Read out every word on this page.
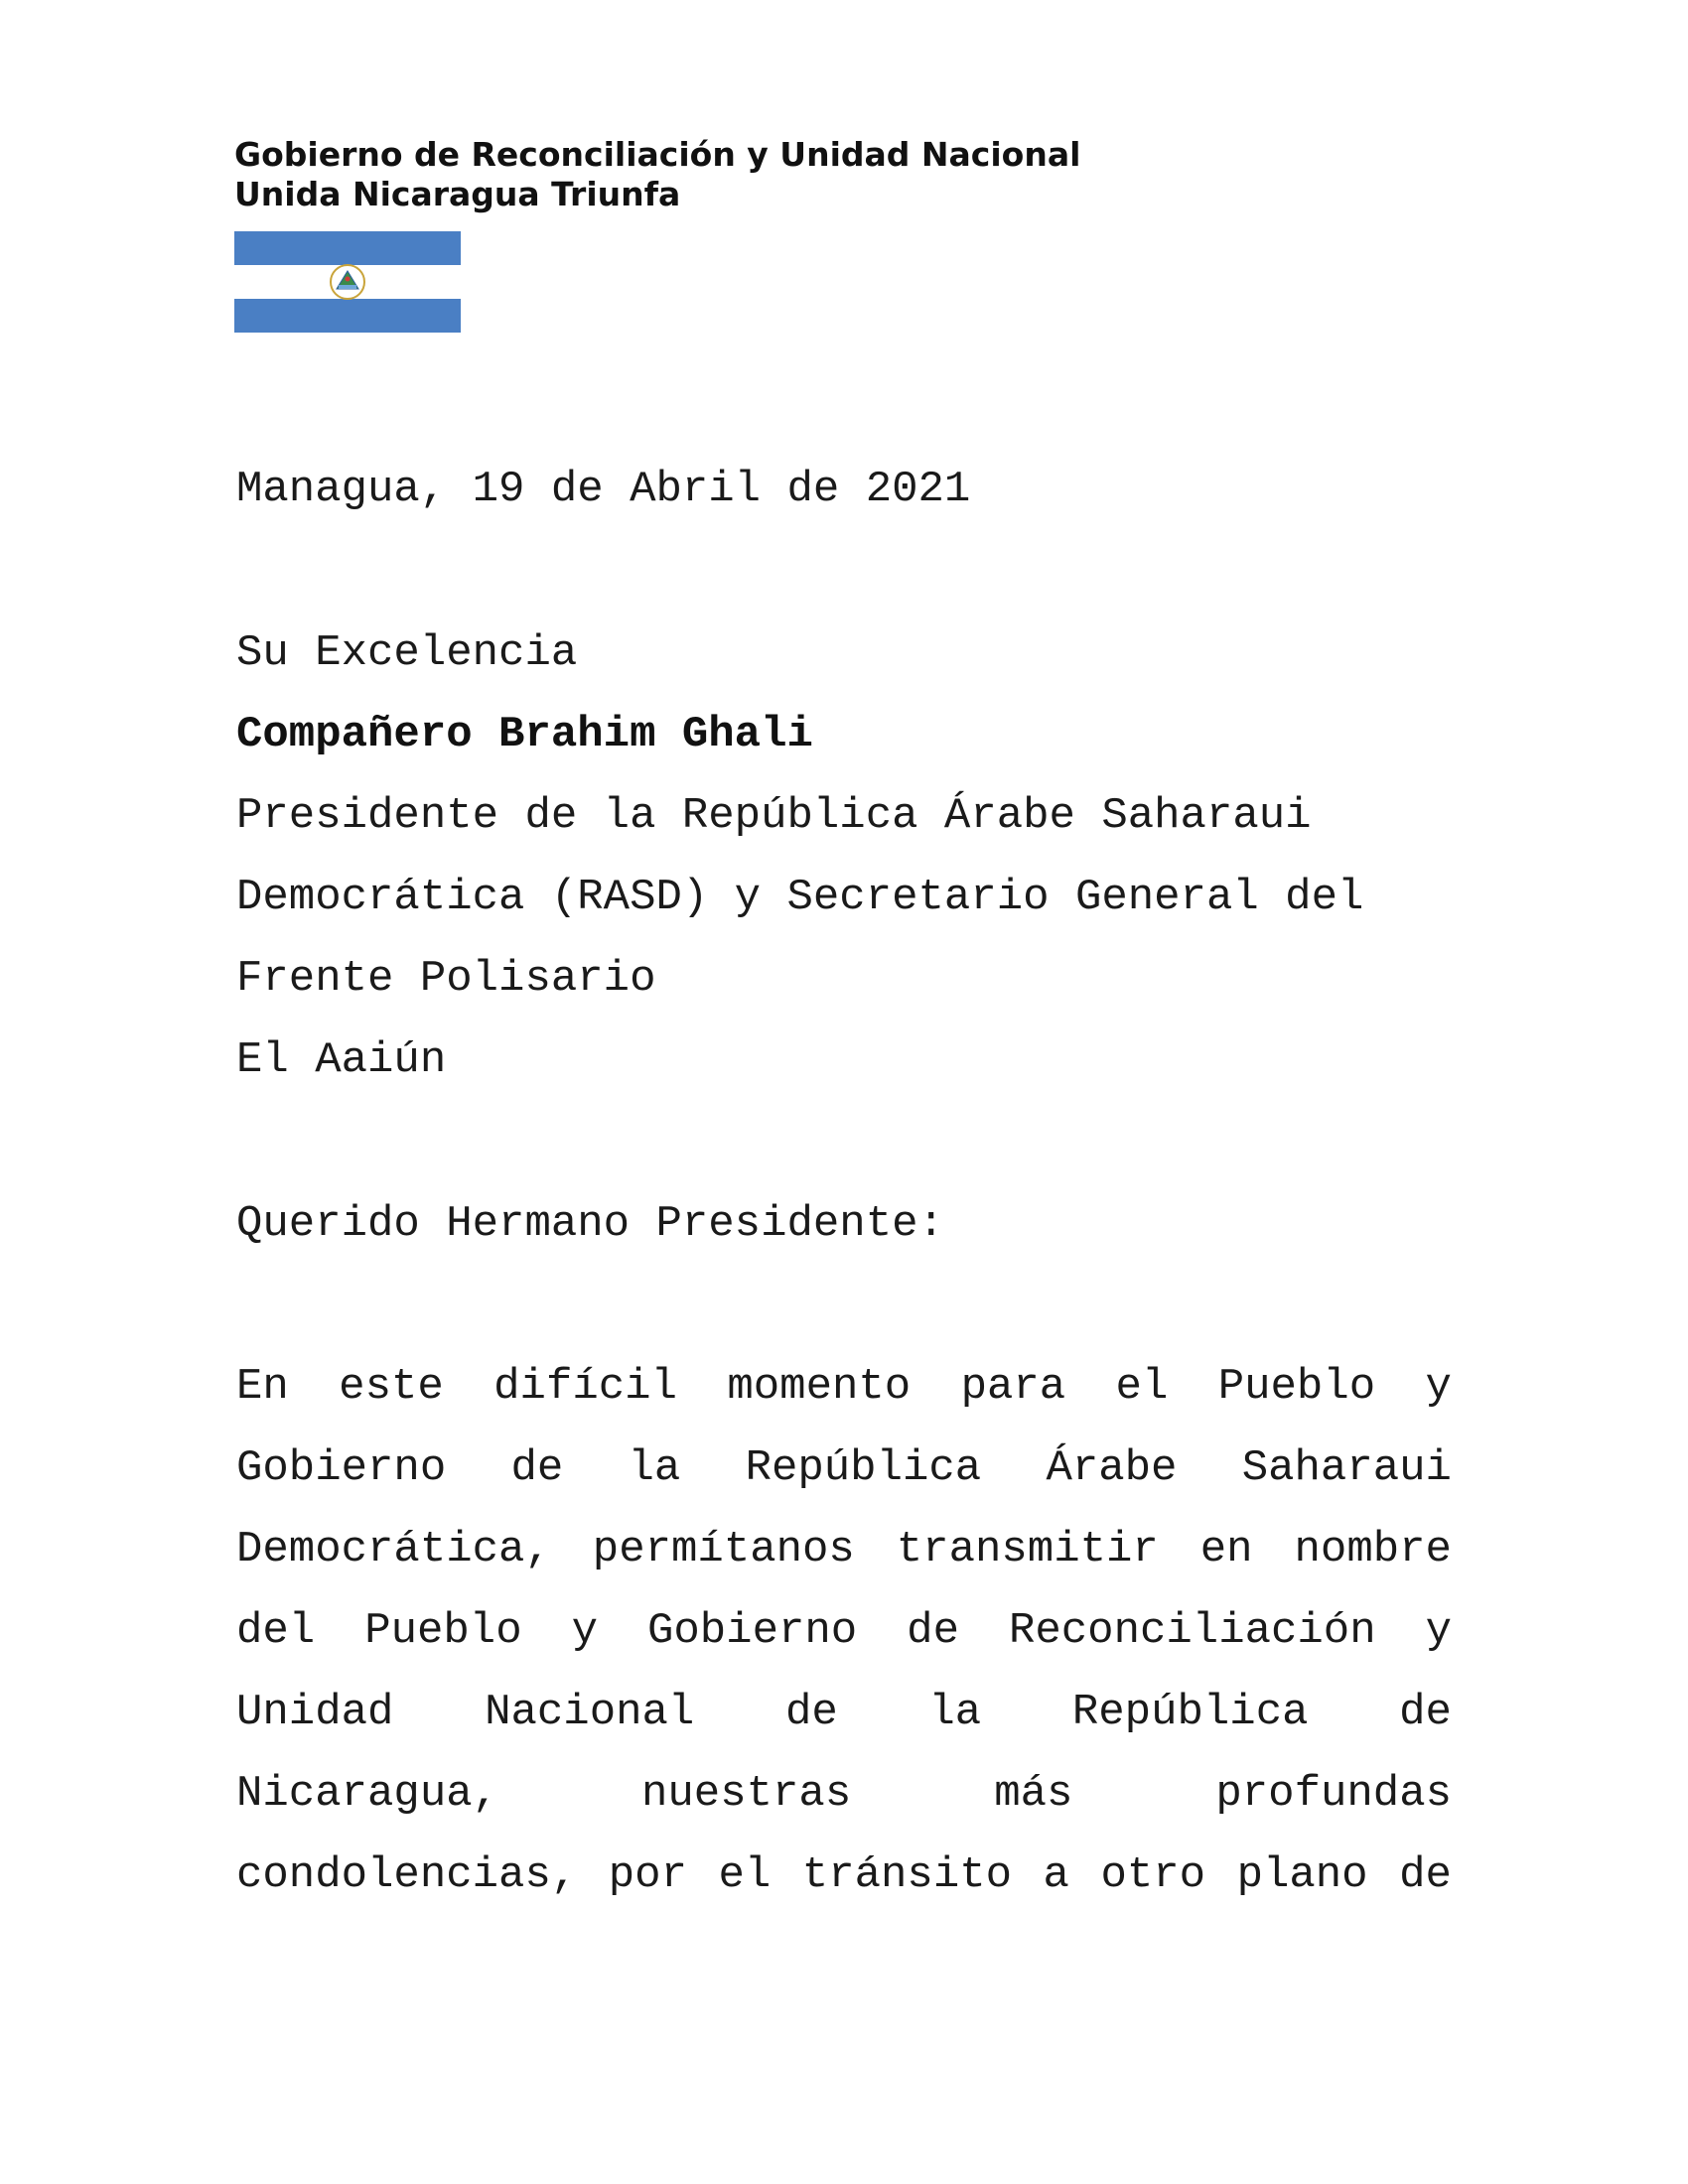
Gobierno de Reconciliación y Unidad Nacional
Unida Nicaragua Triunfa
Managua, 19 de Abril de 2021
Su Excelencia
Compañero Brahim Ghali
Presidente de la República Árabe Saharaui
Democrática (RASD) y Secretario General del
Frente Polisario
El Aaiún
Querido Hermano Presidente:
En este difícil momento para el Pueblo y
Gobierno de la República Árabe Saharaui
Democrática, permítanos transmitir en nombre
del Pueblo y Gobierno de Reconciliación y
Unidad Nacional de la República de
Nicaragua,	nuestras	más	profundas
condolencias, por el tránsito a otro plano de
